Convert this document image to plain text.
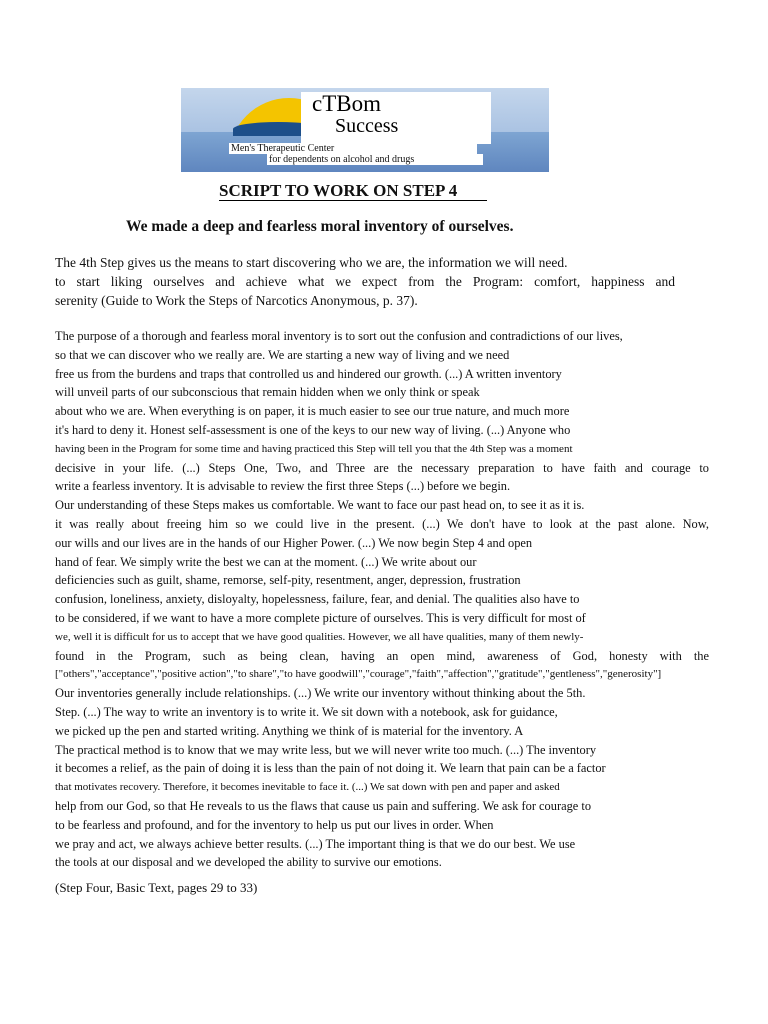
cTBom
Success
Men's Therapeutic Center
for dependents on alcohol and drugs
SCRIPT TO WORK ON STEP 4
We made a deep and fearless moral inventory of ourselves.
The 4th Step gives us the means to start discovering who we are, the information we will need.
to start liking ourselves and achieve what we expect from the Program: comfort, happiness and
serenity (Guide to Work the Steps of Narcotics Anonymous, p. 37).
The purpose of a thorough and fearless moral inventory is to sort out the confusion and contradictions of our lives,
so that we can discover who we really are. We are starting a new way of living and we need
free us from the burdens and traps that controlled us and hindered our growth. (...) A written inventory
will unveil parts of our subconscious that remain hidden when we only think or speak
about who we are. When everything is on paper, it is much easier to see our true nature, and much more
it's hard to deny it. Honest self-assessment is one of the keys to our new way of living. (...) Anyone who
having been in the Program for some time and having practiced this Step will tell you that the 4th Step was a moment
decisive in your life. (...) Steps One, Two, and Three are the necessary preparation to have faith and courage to
write a fearless inventory. It is advisable to review the first three Steps (...) before we begin.
Our understanding of these Steps makes us comfortable. We want to face our past head on, to see it as it is.
it was really about freeing him so we could live in the present. (...) We don't have to look at the past alone. Now,
our wills and our lives are in the hands of our Higher Power. (...) We now begin Step 4 and open
hand of fear. We simply write the best we can at the moment. (...) We write about our
deficiencies such as guilt, shame, remorse, self-pity, resentment, anger, depression, frustration
confusion, loneliness, anxiety, disloyalty, hopelessness, failure, fear, and denial. The qualities also have to
to be considered, if we want to have a more complete picture of ourselves. This is very difficult for most of
we, well it is difficult for us to accept that we have good qualities. However, we all have qualities, many of them newly-
found in the Program, such as being clean, having an open mind, awareness of God, honesty with the
["others","acceptance","positive action","to share","to have goodwill","courage","faith","affection","gratitude","gentleness","generosity"]
Our inventories generally include relationships. (...) We write our inventory without thinking about the 5th.
Step. (...) The way to write an inventory is to write it. We sit down with a notebook, ask for guidance,
we picked up the pen and started writing. Anything we think of is material for the inventory. A
The practical method is to know that we may write less, but we will never write too much. (...) The inventory
it becomes a relief, as the pain of doing it is less than the pain of not doing it. We learn that pain can be a factor
that motivates recovery. Therefore, it becomes inevitable to face it. (...) We sat down with pen and paper and asked
help from our God, so that He reveals to us the flaws that cause us pain and suffering. We ask for courage to
to be fearless and profound, and for the inventory to help us put our lives in order. When
we pray and act, we always achieve better results. (...) The important thing is that we do our best. We use
the tools at our disposal and we developed the ability to survive our emotions.
(Step Four, Basic Text, pages 29 to 33)
